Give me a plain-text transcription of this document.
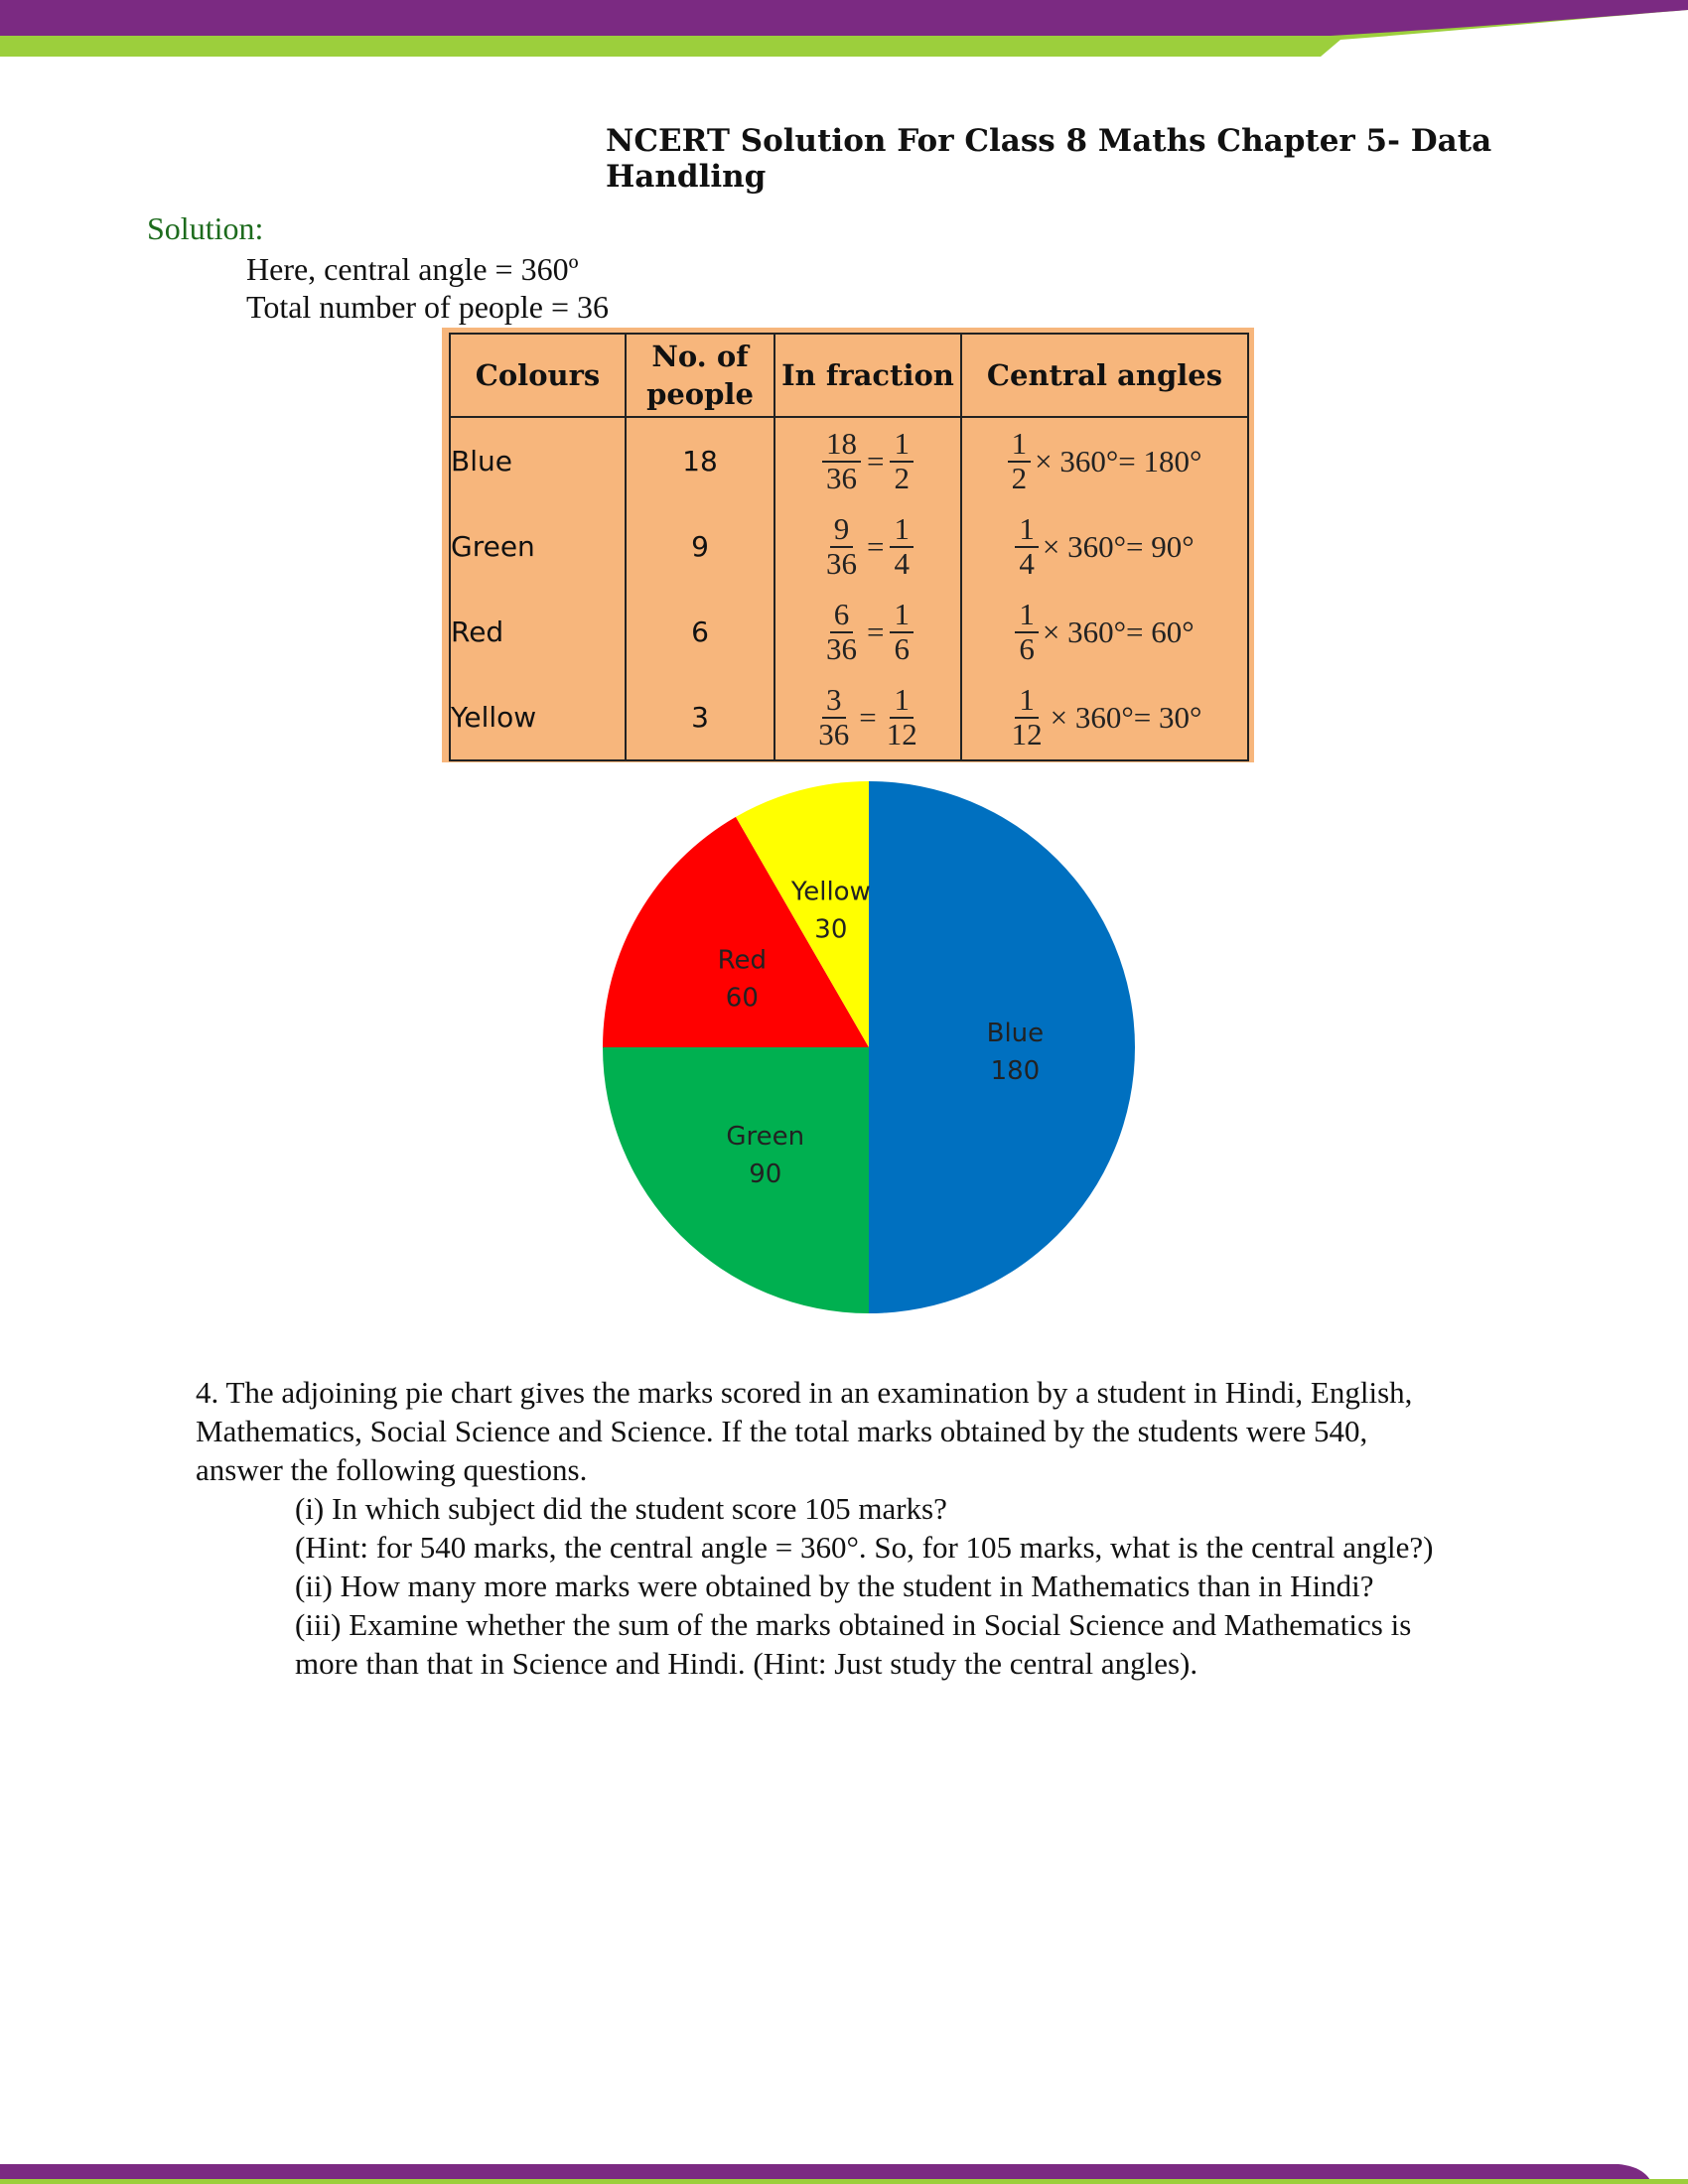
NCERT Solution For Class 8 Maths Chapter 5- Data Handling
Solution:
Here, central angle = 360º
Total number of people = 36
Colours	No. of people	In fraction	Central angles
Blue	18	$\frac{18}{36} = \frac{1}{2}$	$\frac{1}{2} \times 360^\circ= 180^\circ$

Green	9	$\frac{9}{36} = \frac{1}{4}$	$\frac{1}{4} \times 360^\circ= 90^\circ$

Red	6	$\frac{6}{36} = \frac{1}{6}$	$\frac{1}{6} \times 360^\circ= 60^\circ$

Yellow	3	$\frac{3}{36} = \frac{1}{12}$	$\frac{1}{12} \times 360^\circ= 30^\circ$
Blue
180
Green
90
Red
60
Yellow
30

4. The adjoining pie chart gives the marks scored in an examination by a student in Hindi, English, Mathematics, Social Science and Science. If the total marks obtained by the students were 540, answer the following questions.

(i) In which subject did the student score 105 marks?

(Hint: for 540 marks, the central angle = 360°. So, for 105 marks, what is the central angle?)

(ii) How many more marks were obtained by the student in Mathematics than in Hindi?

(iii) Examine whether the sum of the marks obtained in Social Science and Mathematics is more than that in Science and Hindi. (Hint: Just study the central angles).
